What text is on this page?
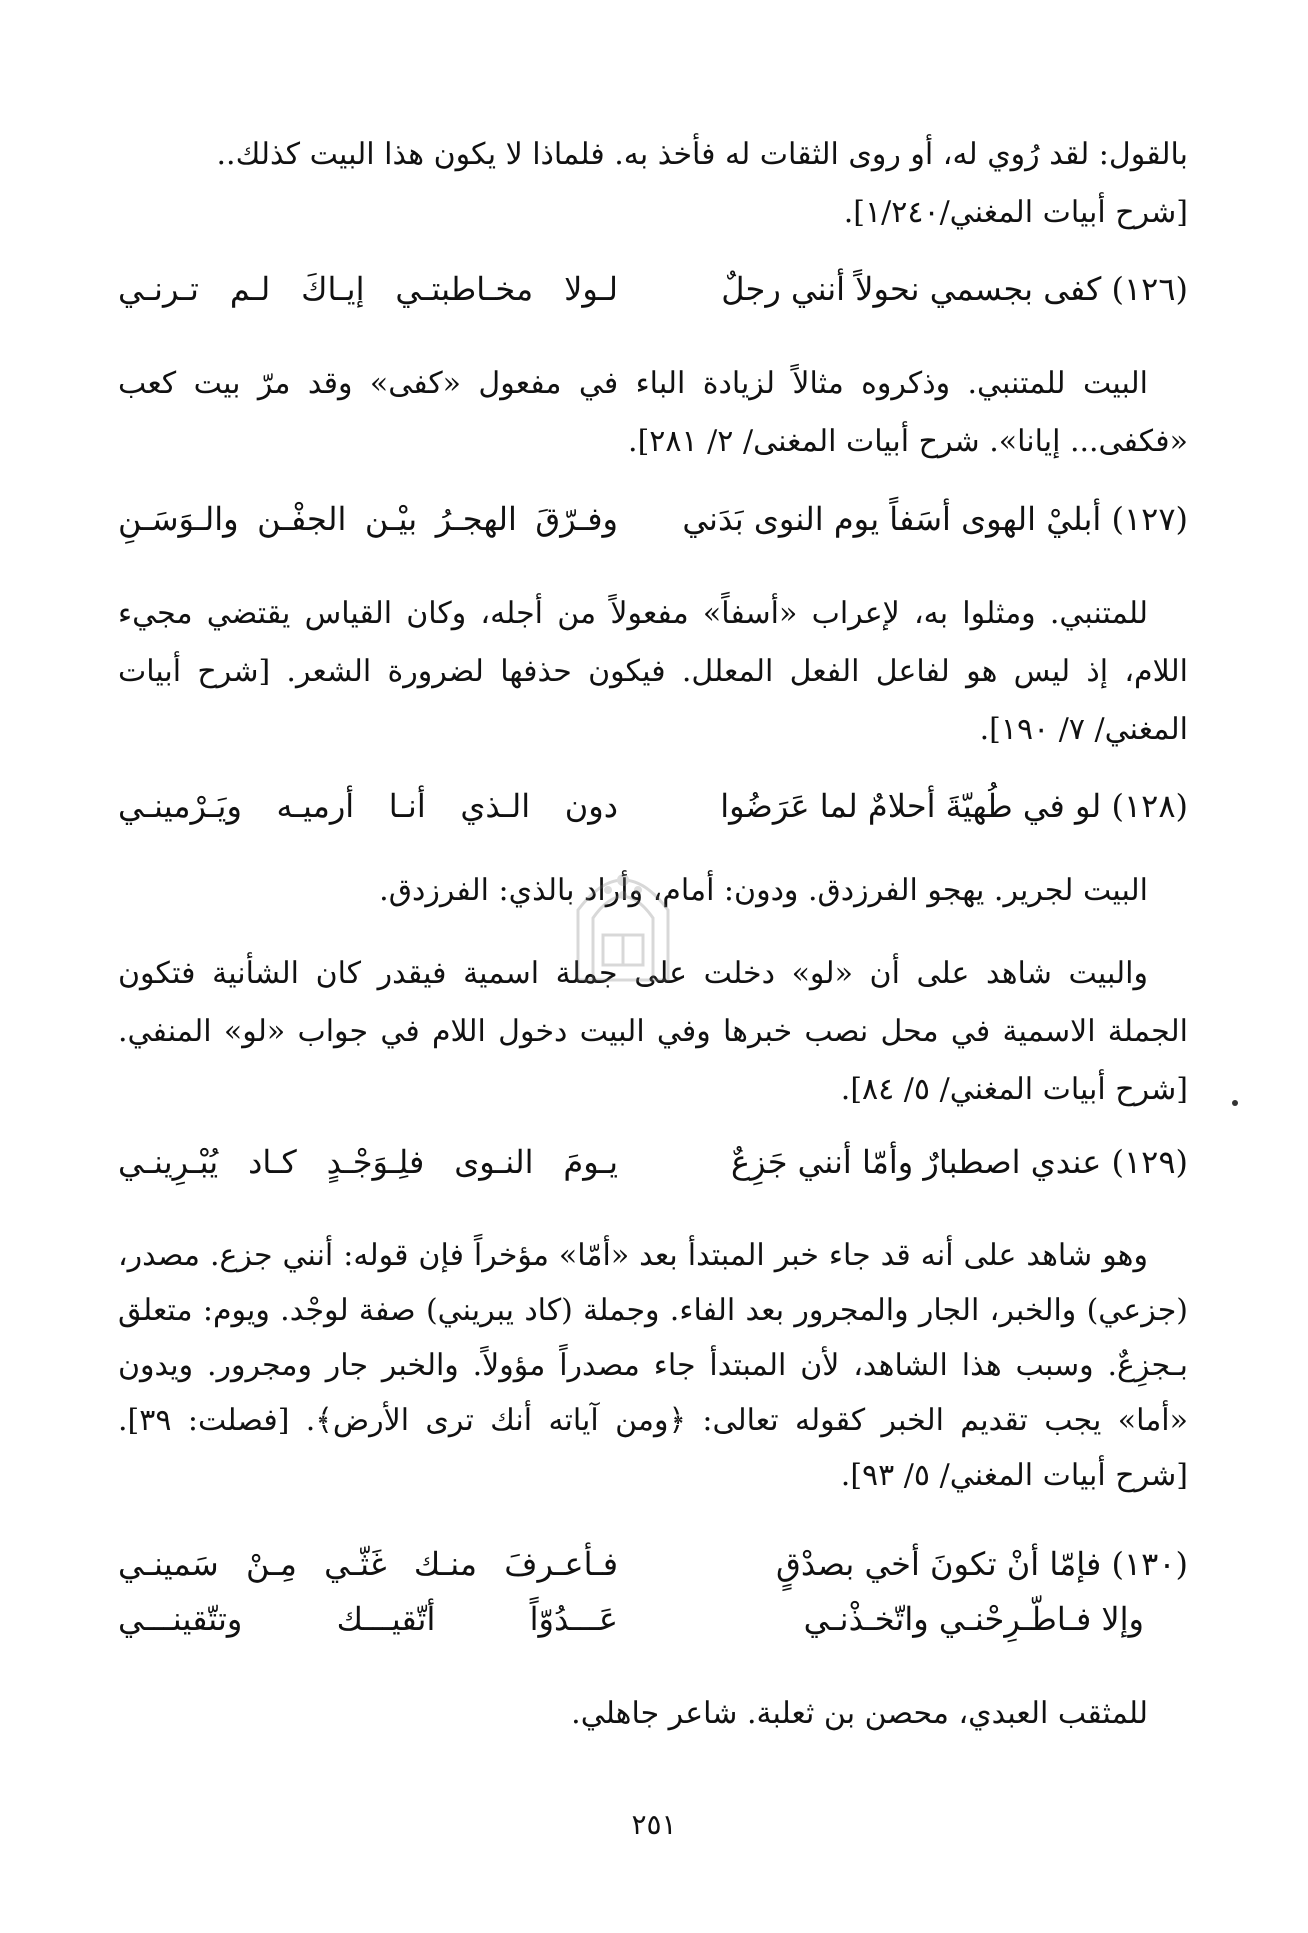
بالقول: لقد رُوي له، أو روى الثقات له فأخذ به. فلماذا لا يكون هذا البيت كذلك..

[شرح أبيات المغني/١/٢٤٠].

(١٢٦) كفى بجسمي نحولاً أنني رجلٌ
لـولا مخـاطبتـي إيـاكَ لـم تـرنـي

البيت للمتنبي. وذكروه مثالاً لزيادة الباء في مفعول «كفى» وقد مرّ بيت كعب «فكفى... إيانا». شرح أبيات المغنى/ ٢/ ٢٨١].

(١٢٧) أبليْ الهوى أسَفاً يوم النوى بَدَني
وفـرّقَ الهجـرُ بيْـن الجفْـن والـوَسَـنِ

للمتنبي. ومثلوا به، لإعراب «أسفاً» مفعولاً من أجله، وكان القياس يقتضي مجيء اللام، إذ ليس هو لفاعل الفعل المعلل. فيكون حذفها لضرورة الشعر. [شرح أبيات المغني/ ٧/ ١٩٠].

(١٢٨) لو في طُهيّةَ أحلامٌ لما عَرَضُوا
دون الـذي أنـا أرميـه ويَـرْمينـي

البيت لجرير. يهجو الفرزدق. ودون: أمام، وأراد بالذي: الفرزدق.

والبيت شاهد على أن «لو» دخلت على جملة اسمية فيقدر كان الشأنية فتكون الجملة الاسمية في محل نصب خبرها وفي البيت دخول اللام في جواب «لو» المنفي. [شرح أبيات المغني/ ٥/ ٨٤].

(١٢٩) عندي اصطبارٌ وأمّا أنني جَزِعٌ
يـومَ النـوى فلِـوَجْـدٍ كـاد يُبْـرِينـي

وهو شاهد على أنه قد جاء خبر المبتدأ بعد «أمّا» مؤخراً فإن قوله: أنني جزع. مصدر، (جزعي) والخبر، الجار والمجرور بعد الفاء. وجملة (كاد يبريني) صفة لوجْد. ويوم: متعلق بـجزِعٌ. وسبب هذا الشاهد، لأن المبتدأ جاء مصدراً مؤولاً. والخبر جار ومجرور. ويدون «أما» يجب تقديم الخبر كقوله تعالى: ﴿ومن آياته أنك ترى الأرض﴾. [فصلت: ٣٩]. [شرح أبيات المغني/ ٥/ ٩٣].

(١٣٠) فإمّا أنْ تكونَ أخي بصدْقٍ
فـأعـرفَ منـك غَثّـي مِـنْ سَمينـي
وإلا فـاطّـرِحْنـي واتّخـذْنـي
عَـــدُوّاً أتّقيـــك وتتّقينـــي

للمثقب العبدي، محصن بن ثعلبة. شاعر جاهلي.

٢٥١
